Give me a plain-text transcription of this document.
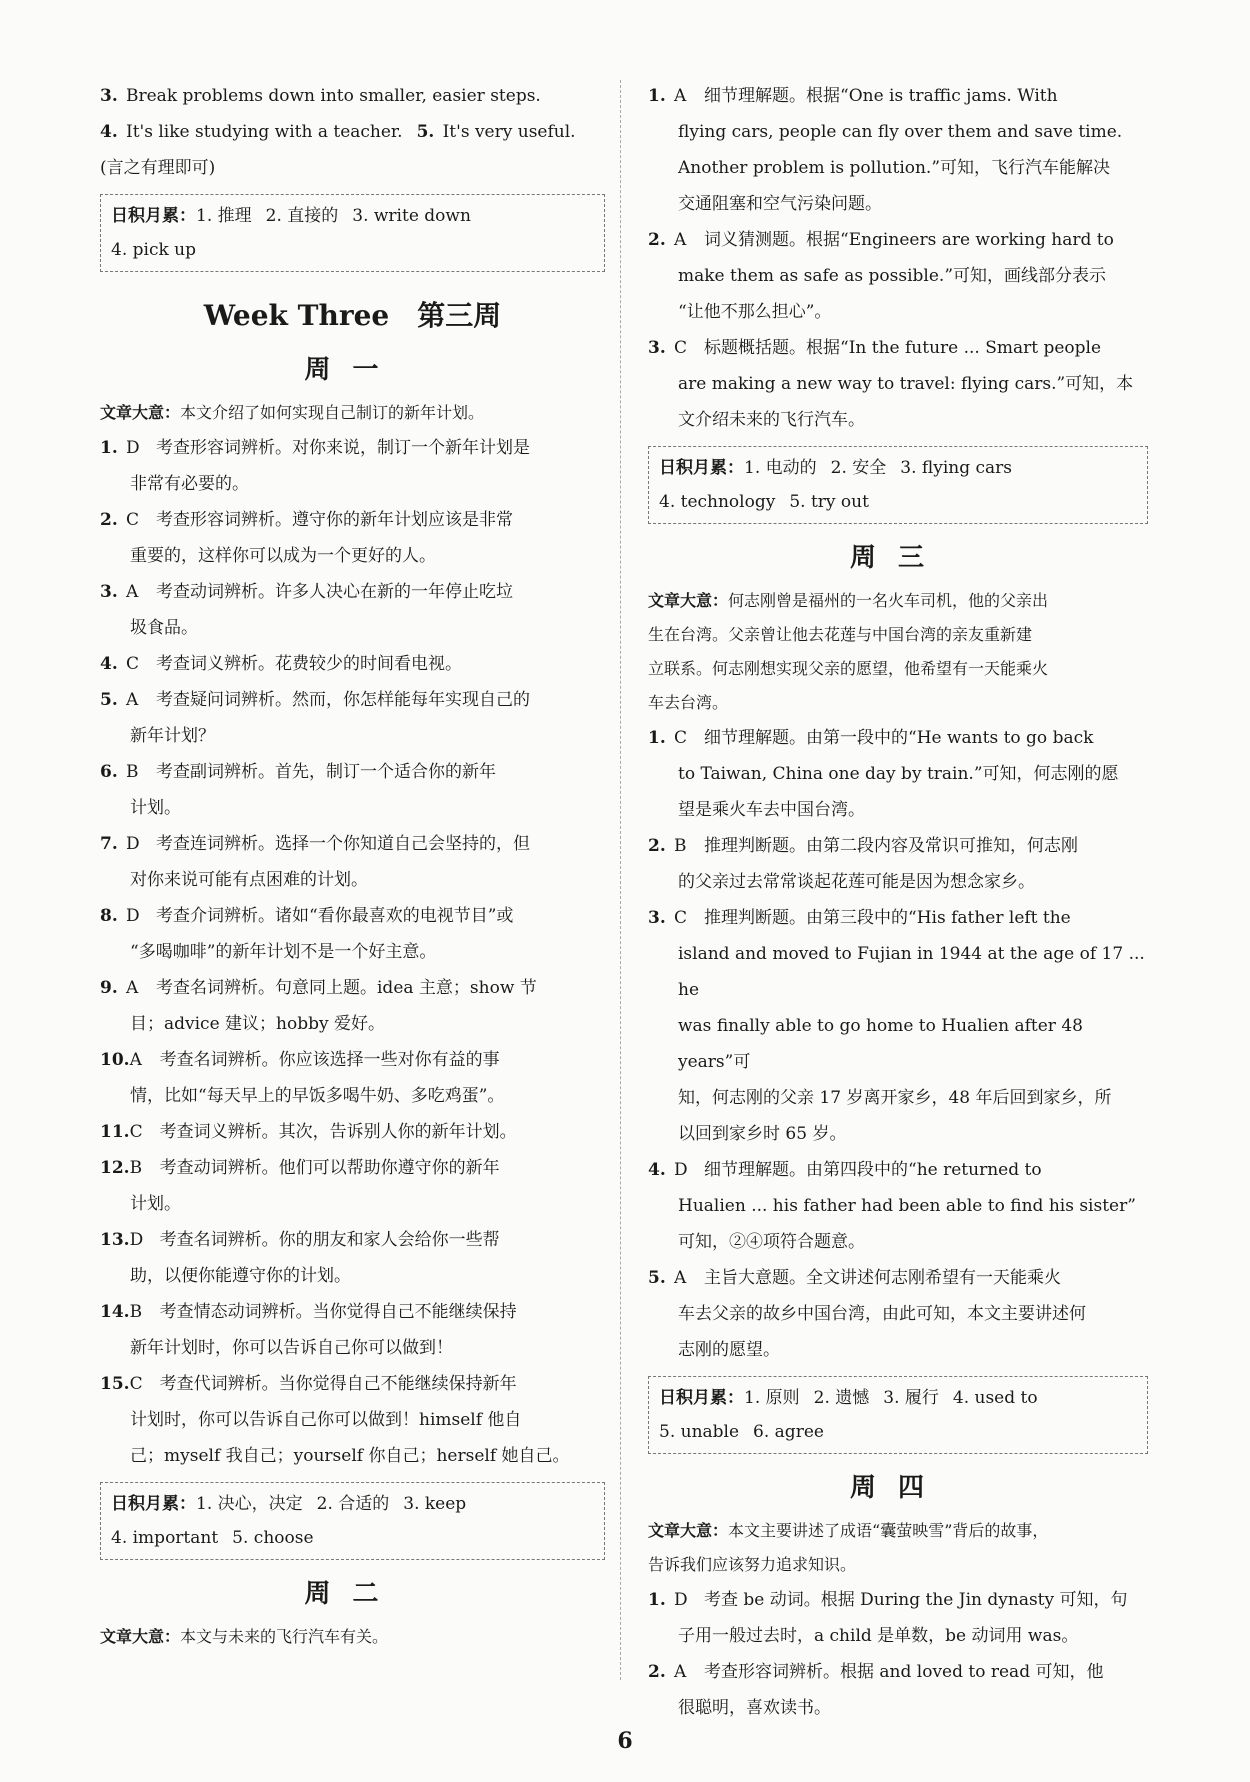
3. Break problems down into smaller, easier steps.
4. It's like studying with a teacher. 5. It's very useful.
(言之有理即可)
日积月累：1. 推理 2. 直接的 3. write down
4. pick up
Week Three　第三周
周一
文章大意：本文介绍了如何实现自己制订的新年计划。
1. D 考查形容词辨析。对你来说，制订一个新年计划是
非常有必要的。
2. C 考查形容词辨析。遵守你的新年计划应该是非常
重要的，这样你可以成为一个更好的人。
3. A 考查动词辨析。许多人决心在新的一年停止吃垃
圾食品。
4. C 考查词义辨析。花费较少的时间看电视。
5. A 考查疑问词辨析。然而，你怎样能每年实现自己的
新年计划？
6. B 考查副词辨析。首先，制订一个适合你的新年
计划。
7. D 考查连词辨析。选择一个你知道自己会坚持的，但
对你来说可能有点困难的计划。
8. D 考查介词辨析。诸如“看你最喜欢的电视节目”或
“多喝咖啡”的新年计划不是一个好主意。
9. A 考查名词辨析。句意同上题。idea 主意；show 节
目；advice 建议；hobby 爱好。
10.A 考查名词辨析。你应该选择一些对你有益的事
情，比如“每天早上的早饭多喝牛奶、多吃鸡蛋”。
11.C 考查词义辨析。其次，告诉别人你的新年计划。
12.B 考查动词辨析。他们可以帮助你遵守你的新年
计划。
13.D 考查名词辨析。你的朋友和家人会给你一些帮
助，以便你能遵守你的计划。
14.B 考查情态动词辨析。当你觉得自己不能继续保持
新年计划时，你可以告诉自己你可以做到！
15.C 考查代词辨析。当你觉得自己不能继续保持新年
计划时，你可以告诉自己你可以做到！himself 他自
己；myself 我自己；yourself 你自己；herself 她自己。
日积月累：1. 决心，决定 2. 合适的 3. keep
4. important 5. choose
周二
文章大意：本文与未来的飞行汽车有关。
1. A 细节理解题。根据“One is traffic jams. With
flying cars, people can fly over them and save time.
Another problem is pollution.”可知，飞行汽车能解决
交通阻塞和空气污染问题。
2. A 词义猜测题。根据“Engineers are working hard to
make them as safe as possible.”可知，画线部分表示
“让他不那么担心”。
3. C 标题概括题。根据“In the future ... Smart people
are making a new way to travel: flying cars.”可知，本
文介绍未来的飞行汽车。
日积月累：1. 电动的 2. 安全 3. flying cars
4. technology 5. try out
周三
文章大意：何志刚曾是福州的一名火车司机，他的父亲出
生在台湾。父亲曾让他去花莲与中国台湾的亲友重新建
立联系。何志刚想实现父亲的愿望，他希望有一天能乘火
车去台湾。
1. C 细节理解题。由第一段中的“He wants to go back
to Taiwan, China one day by train.”可知，何志刚的愿
望是乘火车去中国台湾。
2. B 推理判断题。由第二段内容及常识可推知，何志刚
的父亲过去常常谈起花莲可能是因为想念家乡。
3. C 推理判断题。由第三段中的“His father left the
island and moved to Fujian in 1944 at the age of 17 ... he
was finally able to go home to Hualien after 48 years”可
知，何志刚的父亲 17 岁离开家乡，48 年后回到家乡，所
以回到家乡时 65 岁。
4. D 细节理解题。由第四段中的“he returned to
Hualien ... his father had been able to find his sister”
可知，②④项符合题意。
5. A 主旨大意题。全文讲述何志刚希望有一天能乘火
车去父亲的故乡中国台湾，由此可知，本文主要讲述何
志刚的愿望。
日积月累：1. 原则 2. 遗憾 3. 履行 4. used to
5. unable 6. agree
周四
文章大意：本文主要讲述了成语“囊萤映雪”背后的故事，
告诉我们应该努力追求知识。
1. D 考查 be 动词。根据 During the Jin dynasty 可知，句
子用一般过去时，a child 是单数，be 动词用 was。
2. A 考查形容词辨析。根据 and loved to read 可知，他
很聪明，喜欢读书。
6
